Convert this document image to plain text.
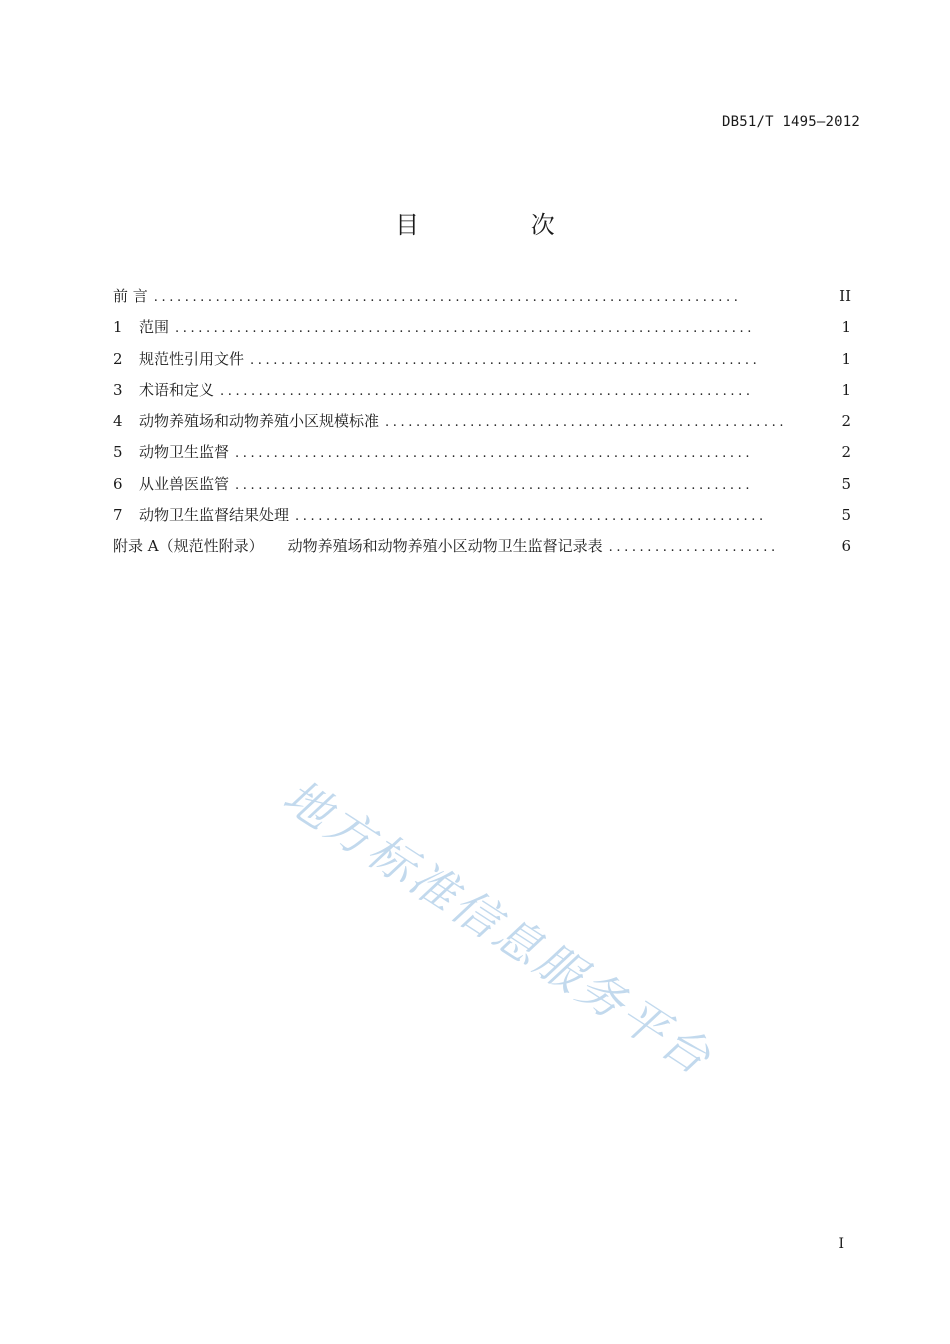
DB51/T 1495—2012
目 次
前 言 ............................................................................	II
1	范围 ...........................................................................	1
2	规范性引用文件 ..................................................................	1
3	术语和定义 .....................................................................	1
4	动物养殖场和动物养殖小区规模标准 ....................................................	2
5	动物卫生监督 ...................................................................	2
6	从业兽医监管 ...................................................................	5
7	动物卫生监督结果处理 .............................................................	5
附录 A（规范性附录） 动物养殖场和动物养殖小区动物卫生监督记录表 ......................	6
地方标准信息服务平台
I
